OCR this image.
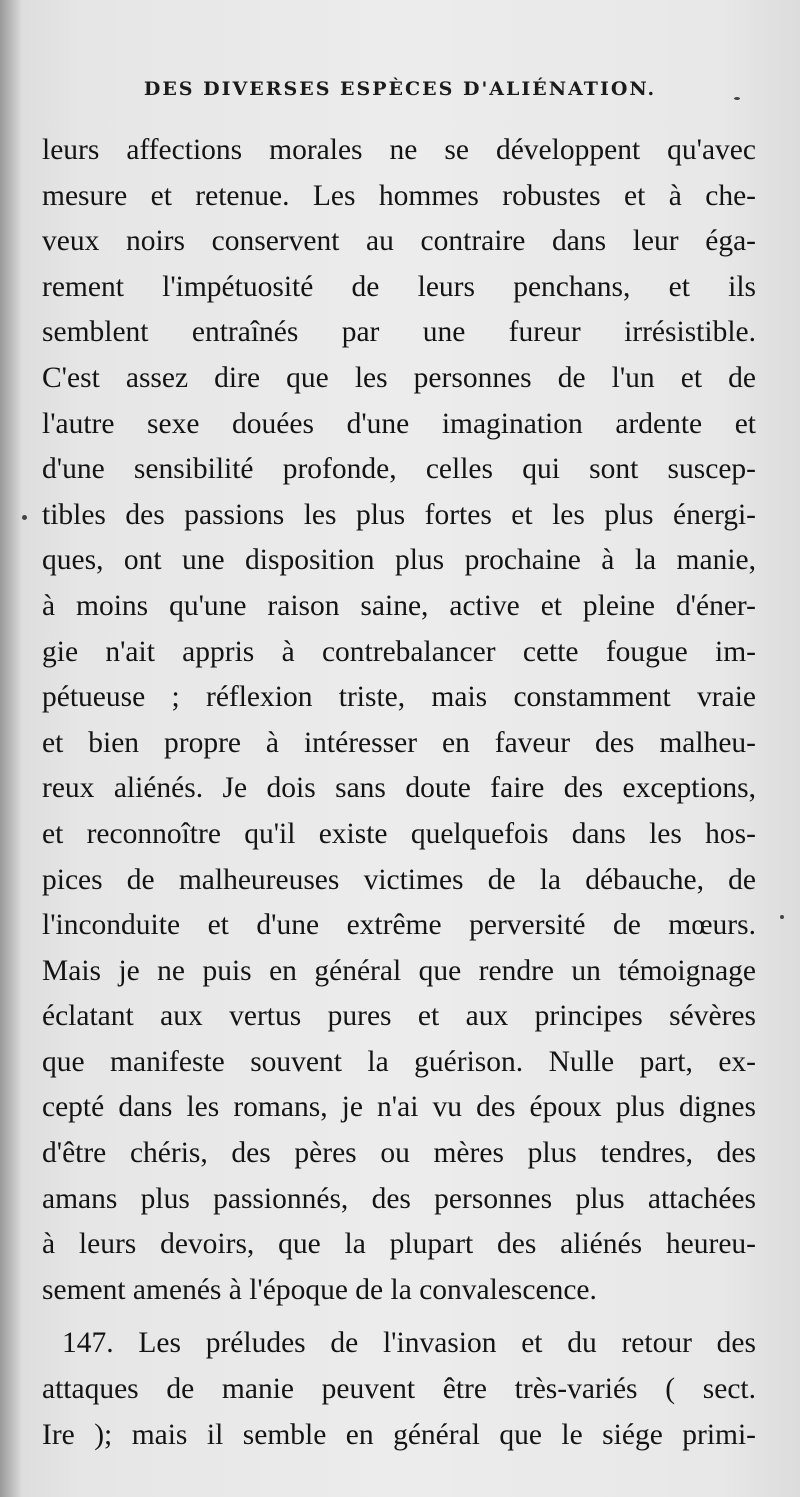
DES DIVERSES ESPÈCES D'ALIÉNATION.
leurs affections morales ne se développent qu'avec
mesure et retenue. Les hommes robustes et à che-
veux noirs conservent au contraire dans leur éga-
rement l'impétuosité de leurs penchans, et ils
semblent entraînés par une fureur irrésistible.
C'est assez dire que les personnes de l'un et de
l'autre sexe douées d'une imagination ardente et
d'une sensibilité profonde, celles qui sont suscep-
tibles des passions les plus fortes et les plus énergi-
ques, ont une disposition plus prochaine à la manie,
à moins qu'une raison saine, active et pleine d'éner-
gie n'ait appris à contrebalancer cette fougue im-
pétueuse ; réflexion triste, mais constamment vraie
et bien propre à intéresser en faveur des malheu-
reux aliénés. Je dois sans doute faire des exceptions,
et reconnoître qu'il existe quelquefois dans les hos-
pices de malheureuses victimes de la débauche, de
l'inconduite et d'une extrême perversité de mœurs.
Mais je ne puis en général que rendre un témoignage
éclatant aux vertus pures et aux principes sévères
que manifeste souvent la guérison. Nulle part, ex-
cepté dans les romans, je n'ai vu des époux plus dignes
d'être chéris, des pères ou mères plus tendres, des
amans plus passionnés, des personnes plus attachées
à leurs devoirs, que la plupart des aliénés heureu-
sement amenés à l'époque de la convalescence.
147. Les préludes de l'invasion et du retour des
attaques de manie peuvent être très-variés ( sect.
Ire ); mais il semble en général que le siége primi-
